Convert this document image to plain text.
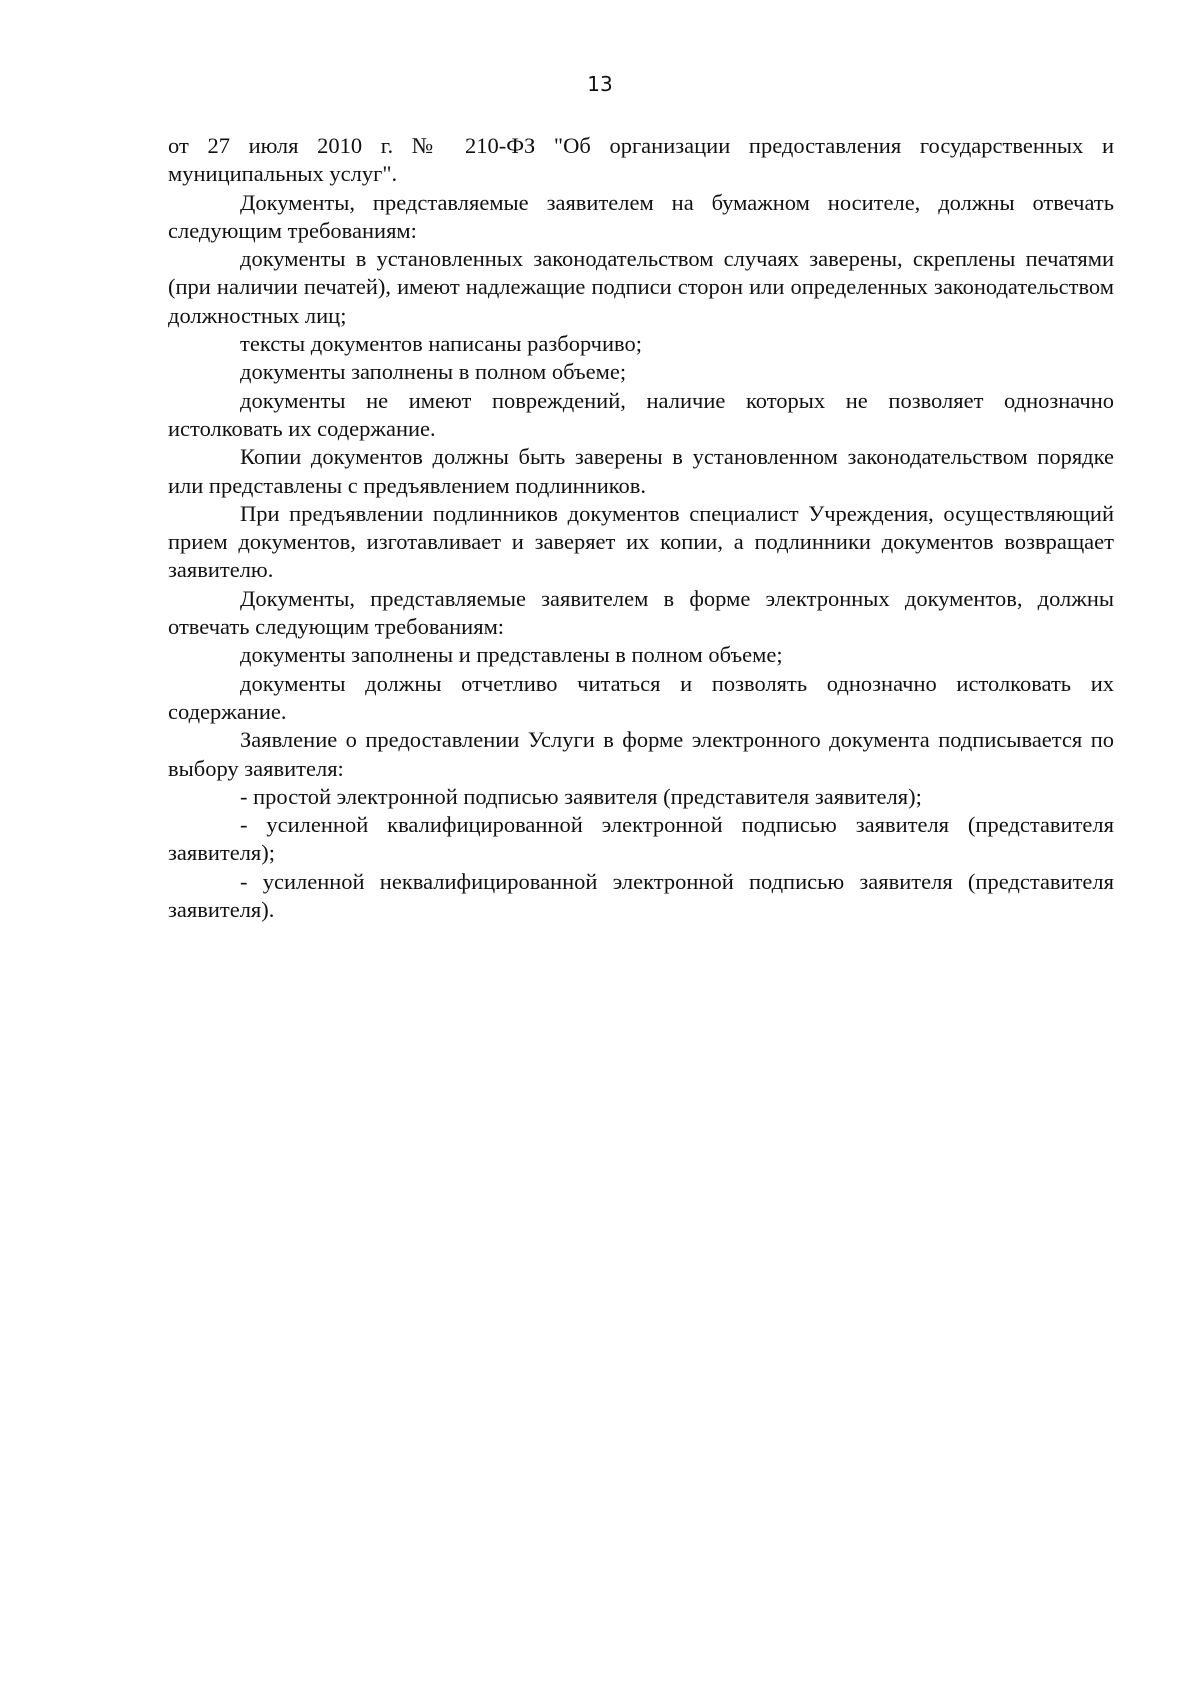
13

от 27 июля 2010 г. № 210-ФЗ "Об организации предоставления государственных и муниципальных услуг".

Документы, представляемые заявителем на бумажном носителе, должны отвечать следующим требованиям:

документы в установленных законодательством случаях заверены, скреплены печатями (при наличии печатей), имеют надлежащие подписи сторон или определенных законодательством должностных лиц;

тексты документов написаны разборчиво;

документы заполнены в полном объеме;

документы не имеют повреждений, наличие которых не позволяет однозначно истолковать их содержание.

Копии документов должны быть заверены в установленном законодательством порядке или представлены с предъявлением подлинников.

При предъявлении подлинников документов специалист Учреждения, осуществляющий прием документов, изготавливает и заверяет их копии, а подлинники документов возвращает заявителю.

Документы, представляемые заявителем в форме электронных документов, должны отвечать следующим требованиям:

документы заполнены и представлены в полном объеме;

документы должны отчетливо читаться и позволять однозначно истолковать их содержание.

Заявление о предоставлении Услуги в форме электронного документа подписывается по выбору заявителя:

- простой электронной подписью заявителя (представителя заявителя);

- усиленной квалифицированной электронной подписью заявителя (представителя заявителя);

- усиленной неквалифицированной электронной подписью заявителя (представителя заявителя).
